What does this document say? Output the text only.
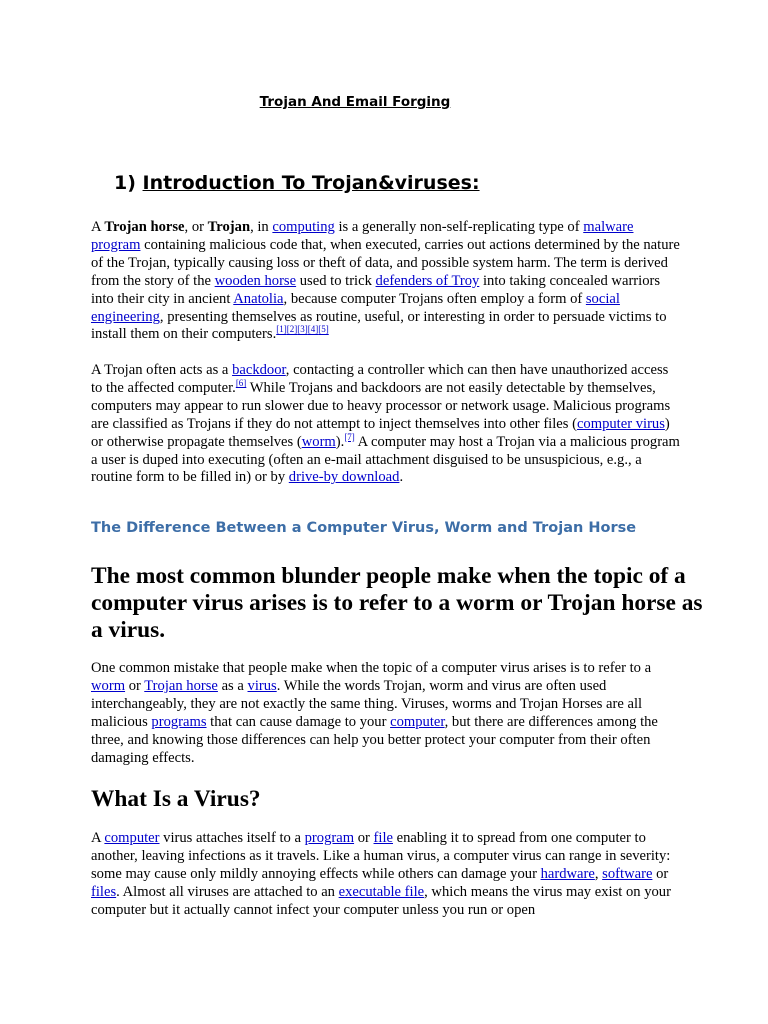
Trojan And Email Forging

1) Introduction To Trojan&viruses:

A Trojan horse, or Trojan, in computing is a generally non-self-replicating type of malware program containing malicious code that, when executed, carries out actions determined by the nature of the Trojan, typically causing loss or theft of data, and possible system harm. The term is derived from the story of the wooden horse used to trick defenders of Troy into taking concealed warriors into their city in ancient Anatolia, because computer Trojans often employ a form of social engineering, presenting themselves as routine, useful, or interesting in order to persuade victims to install them on their computers.[1][2][3][4][5]

A Trojan often acts as a backdoor, contacting a controller which can then have unauthorized access to the affected computer.[6] While Trojans and backdoors are not easily detectable by themselves, computers may appear to run slower due to heavy processor or network usage. Malicious programs are classified as Trojans if they do not attempt to inject themselves into other files (computer virus) or otherwise propagate themselves (worm).[7] A computer may host a Trojan via a malicious program a user is duped into executing (often an e-mail attachment disguised to be unsuspicious, e.g., a routine form to be filled in) or by drive-by download.

The Difference Between a Computer Virus, Worm and Trojan Horse

The most common blunder people make when the topic of a computer virus arises is to refer to a worm or Trojan horse as a virus.

One common mistake that people make when the topic of a computer virus arises is to refer to a worm or Trojan horse as a virus. While the words Trojan, worm and virus are often used interchangeably, they are not exactly the same thing. Viruses, worms and Trojan Horses are all malicious programs that can cause damage to your computer, but there are differences among the three, and knowing those differences can help you better protect your computer from their often damaging effects.

What Is a Virus?

A computer virus attaches itself to a program or file enabling it to spread from one computer to another, leaving infections as it travels. Like a human virus, a computer virus can range in severity: some may cause only mildly annoying effects while others can damage your hardware, software or files. Almost all viruses are attached to an executable file, which means the virus may exist on your computer but it actually cannot infect your computer unless you run or open
